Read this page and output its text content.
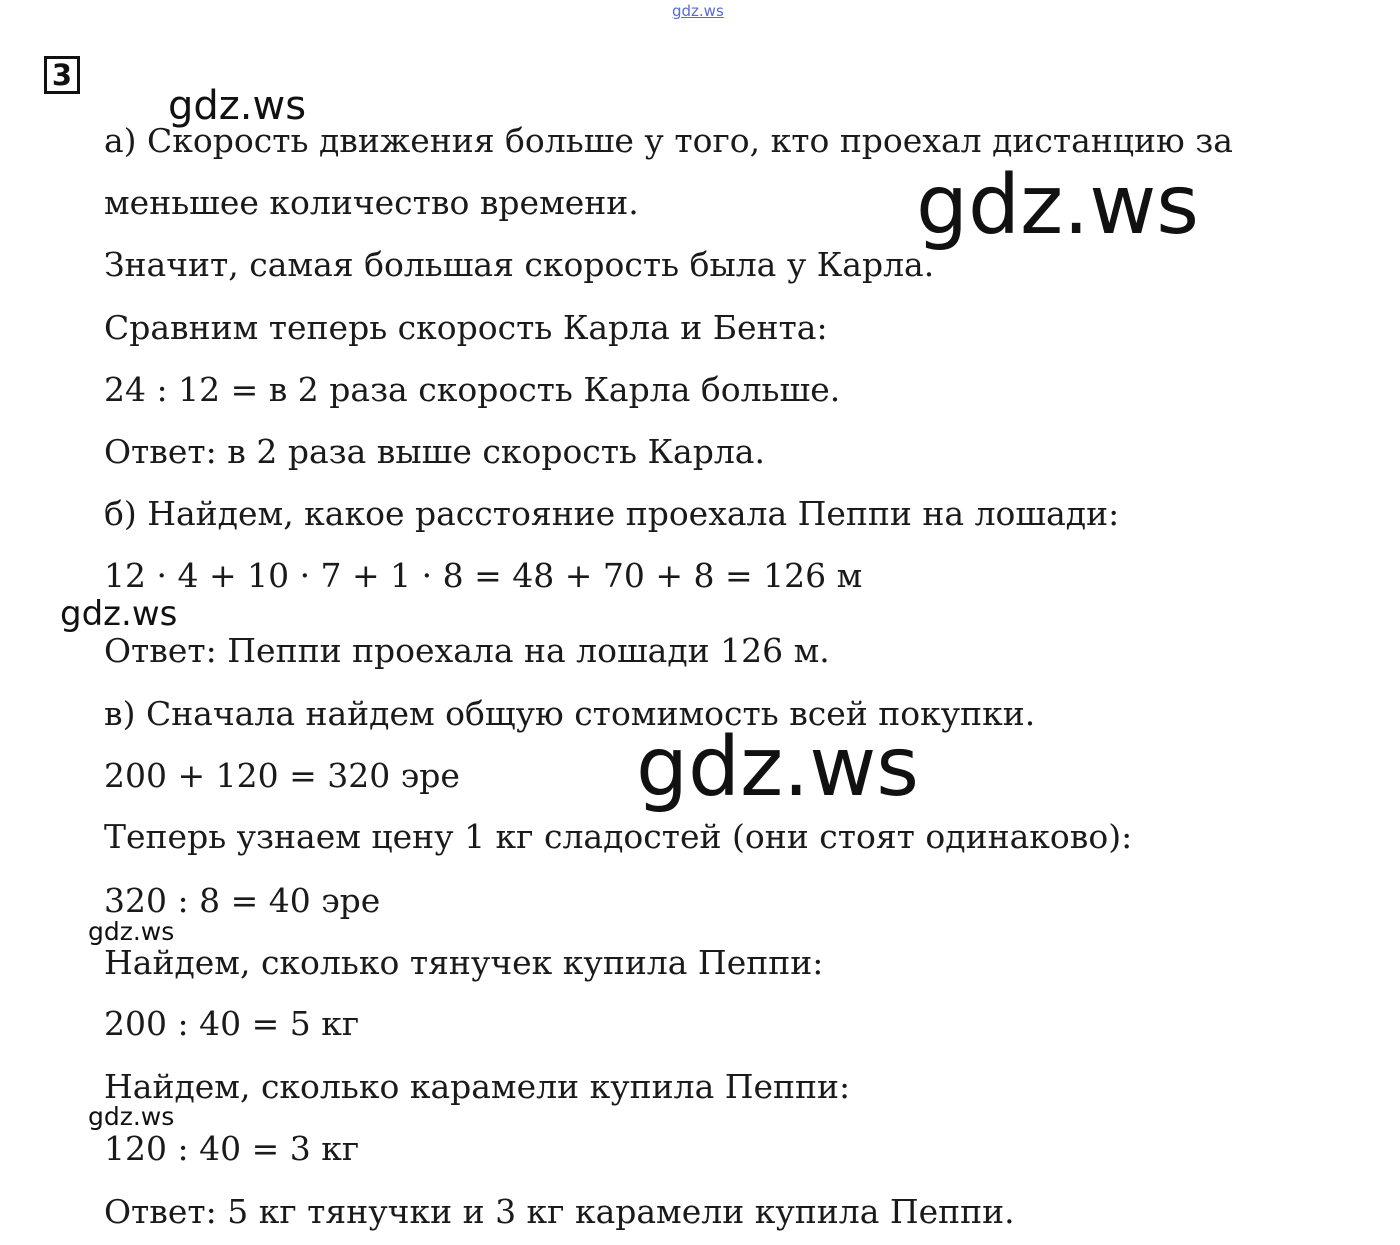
gdz.ws
3
а) Скорость движения больше у того, кто проехал дистанцию за
меньшее количество времени.
Значит, самая большая скорость была у Карла.
Сравним теперь скорость Карла и Бента:
24 : 12 = в 2 раза скорость Карла больше.
Ответ: в 2 раза выше скорость Карла.
б) Найдем, какое расстояние проехала Пеппи на лошади:
12 · 4 + 10 · 7 + 1 · 8 = 48 + 70 + 8 = 126 м
Ответ: Пеппи проехала на лошади 126 м.
в) Сначала найдем общую стомимость всей покупки.
200 + 120 = 320 эре
Теперь узнаем цену 1 кг сладостей (они стоят одинаково):
320 : 8 = 40 эре
Найдем, сколько тянучек купила Пеппи:
200 : 40 = 5 кг
Найдем, сколько карамели купила Пеппи:
120 : 40 = 3 кг
Ответ: 5 кг тянучки и 3 кг карамели купила Пеппи.
gdz.ws
gdz.ws
gdz.ws
gdz.ws
gdz.ws
gdz.ws
